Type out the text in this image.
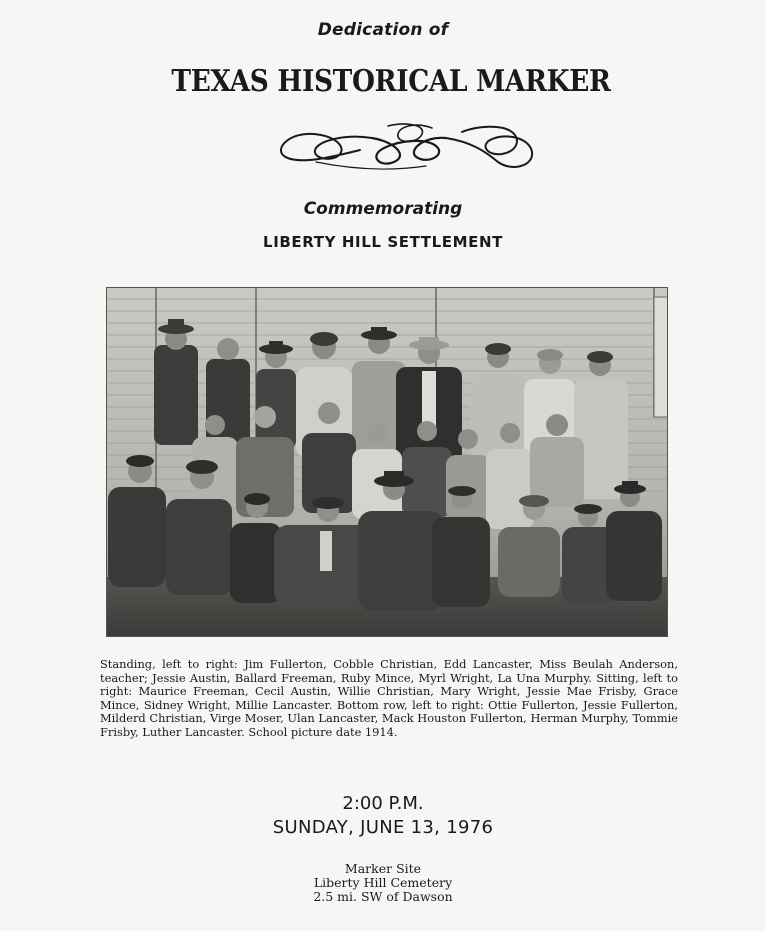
Dedication of
TEXAS HISTORICAL MARKER
Commemorating
LIBERTY HILL SETTLEMENT
Standing, left to right: Jim Fullerton, Cobble Christian, Edd Lancaster, Miss Beulah Anderson, teacher; Jessie Austin, Ballard Freeman, Ruby Mince, Myrl Wright, La Una Murphy. Sitting, left to right: Maurice Freeman, Cecil Austin, Willie Christian, Mary Wright, Jessie Mae Frisby, Grace Mince, Sidney Wright, Millie Lancaster. Bottom row, left to right: Ottie Fullerton, Jessie Fullerton, Milderd Christian, Virge Moser, Ulan Lancaster, Mack Houston Fullerton, Herman Murphy, Tommie Frisby, Luther Lancaster. School picture date 1914.
2:00 P.M.
SUNDAY, JUNE 13, 1976
Marker Site
Liberty Hill Cemetery
2.5 mi. SW of Dawson
